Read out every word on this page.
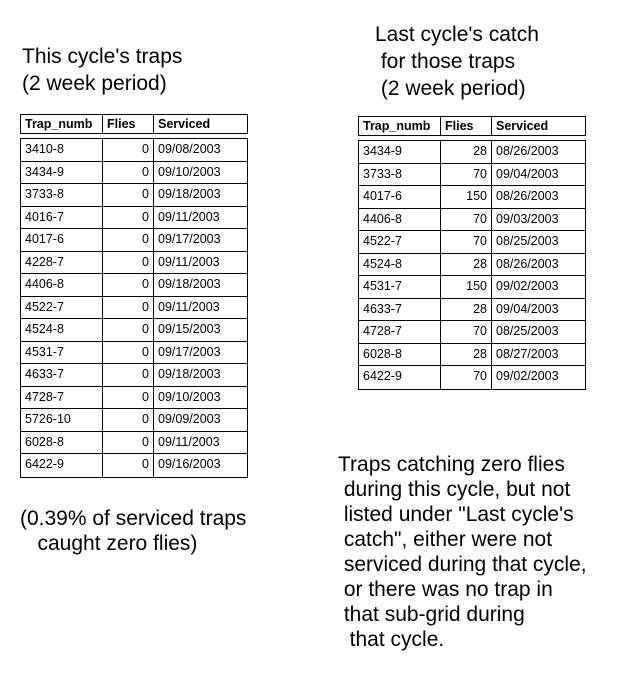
This cycle's traps
(2 week period)
Last cycle's catch
for those traps
(2 week period)
Trap_numb	Flies	Serviced
3410-8	0 09/08/2003
3434-9	0 09/10/2003
3733-8	0 09/18/2003
4016-7	0 09/11/2003
4017-6	0 09/17/2003
4228-7	0 09/11/2003
4406-8	0 09/18/2003
4522-7	0 09/11/2003
4524-8	0 09/15/2003
4531-7	0 09/17/2003
4633-7	0 09/18/2003
4728-7	0 09/10/2003
5726-10	0 09/09/2003
6028-8	0 09/11/2003
6422-9	0 09/16/2003
Trap_numb	Flies	Serviced
3434-9	28 08/26/2003
3733-8	70 09/04/2003
4017-6	150 08/26/2003
4406-8	70 09/03/2003
4522-7	70 08/25/2003
4524-8	28 08/26/2003
4531-7	150 09/02/2003
4633-7	28 09/04/2003
4728-7	70 08/25/2003
6028-8	28 08/27/2003
6422-9	70 09/02/2003
(0.39% of serviced traps
caught zero flies)
Traps catching zero flies
during this cycle, but not
listed under "Last cycle's
catch", either were not
serviced during that cycle,
or there was no trap in
that sub-grid during
that cycle.
